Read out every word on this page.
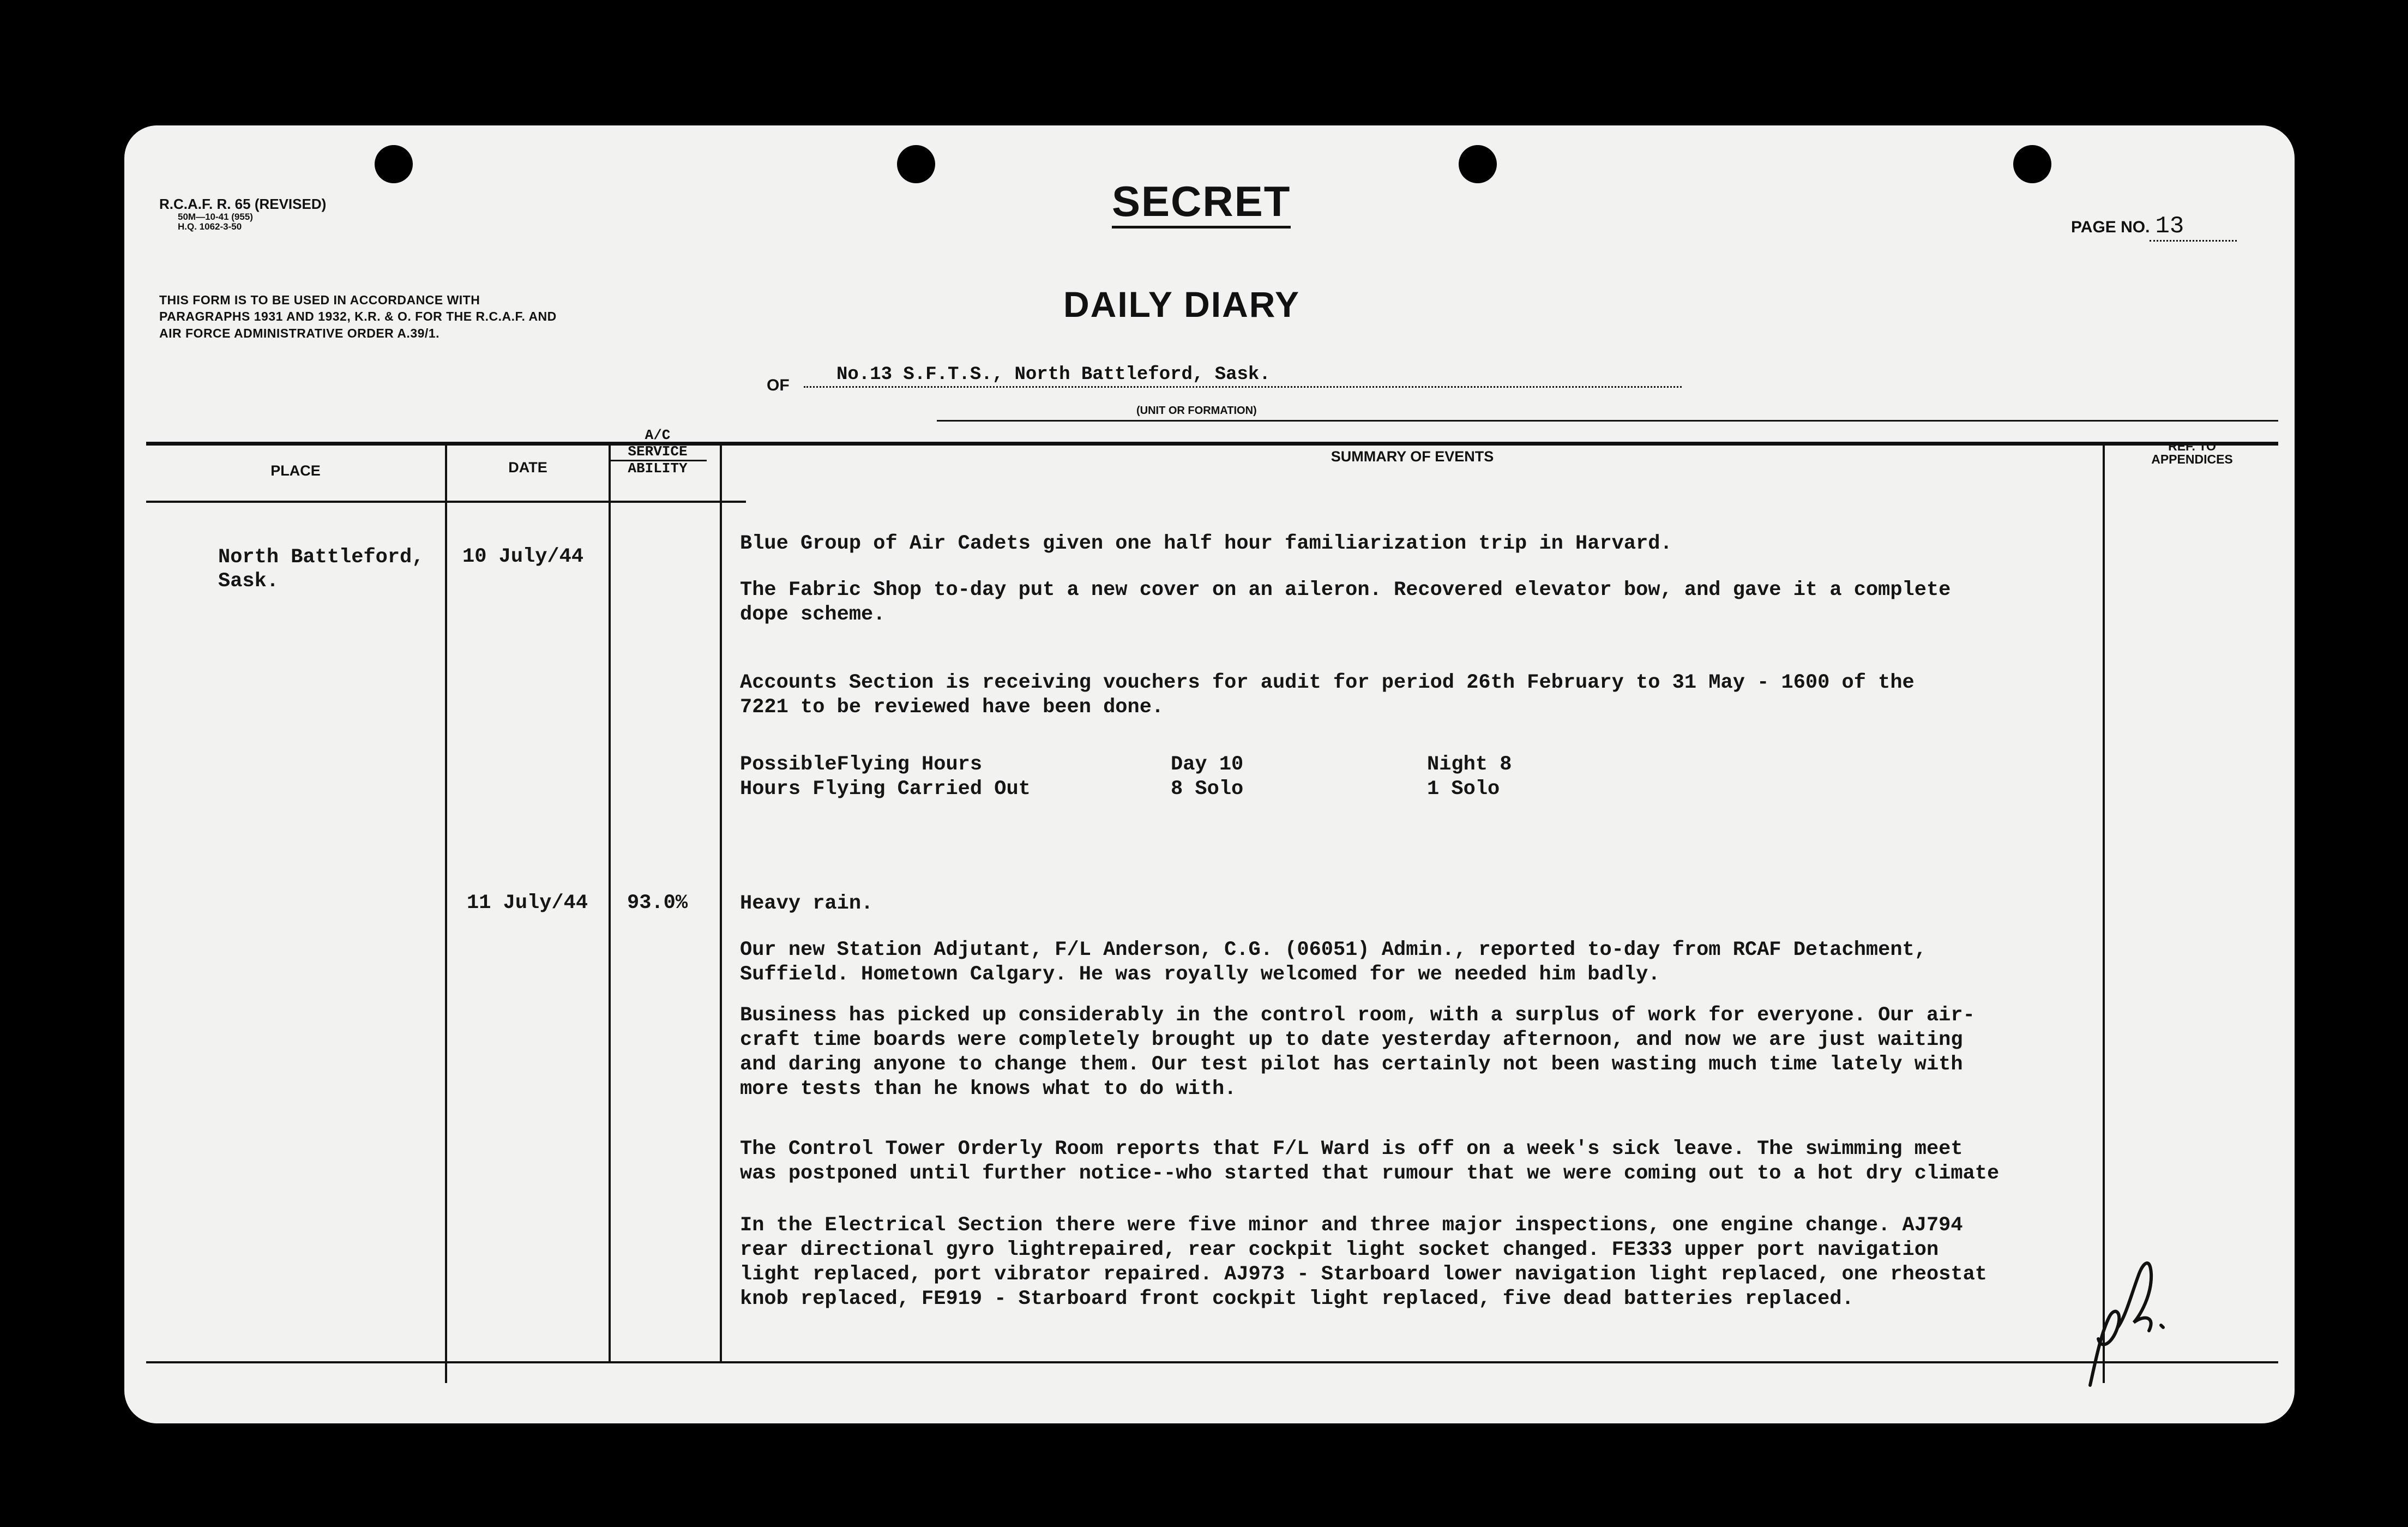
R.C.A.F. R. 65 (REVISED)
50M—10-41 (955)
H.Q. 1062-3-50
SECRET
PAGE NO. 13
THIS FORM IS TO BE USED IN ACCORDANCE WITH PARAGRAPHS 1931 AND 1932, K.R. & O. FOR THE R.C.A.F. AND AIR FORCE ADMINISTRATIVE ORDER A.39/1.
DAILY DIARY
OF
No.13 S.F.T.S., North Battleford, Sask.
(UNIT OR FORMATION)
PLACE	DATE
A/C
SERVICE
ABILITY
SUMMARY OF EVENTS
REF. TO
APPENDICES
North Battleford,
Sask.
10 July/44
Blue Group of Air Cadets given one half hour familiarization trip in Harvard.
The Fabric Shop to-day put a new cover on an aileron. Recovered elevator bow, and gave it a complete
dope scheme.
Accounts Section is receiving vouchers for audit for period 26th February to 31 May - 1600 of the
7221 to be reviewed have been done.
PossibleFlying Hours	Day 10	Night 8
Hours Flying Carried Out	8 Solo	1 Solo
11 July/44 93.0%	Heavy rain.
Our new Station Adjutant, F/L Anderson, C.G. (06051) Admin., reported to-day from RCAF Detachment,
Suffield. Hometown Calgary. He was royally welcomed for we needed him badly.
Business has picked up considerably in the control room, with a surplus of work for everyone. Our air-
craft time boards were completely brought up to date yesterday afternoon, and now we are just waiting
and daring anyone to change them. Our test pilot has certainly not been wasting much time lately with
more tests than he knows what to do with.
The Control Tower Orderly Room reports that F/L Ward is off on a week's sick leave. The swimming meet
was postponed until further notice--who started that rumour that we were coming out to a hot dry climate
In the Electrical Section there were five minor and three major inspections, one engine change. AJ794
rear directional gyro lightrepaired, rear cockpit light socket changed. FE333 upper port navigation
light replaced, port vibrator repaired. AJ973 - Starboard lower navigation light replaced, one rheostat
knob replaced, FE919 - Starboard front cockpit light replaced, five dead batteries replaced.
